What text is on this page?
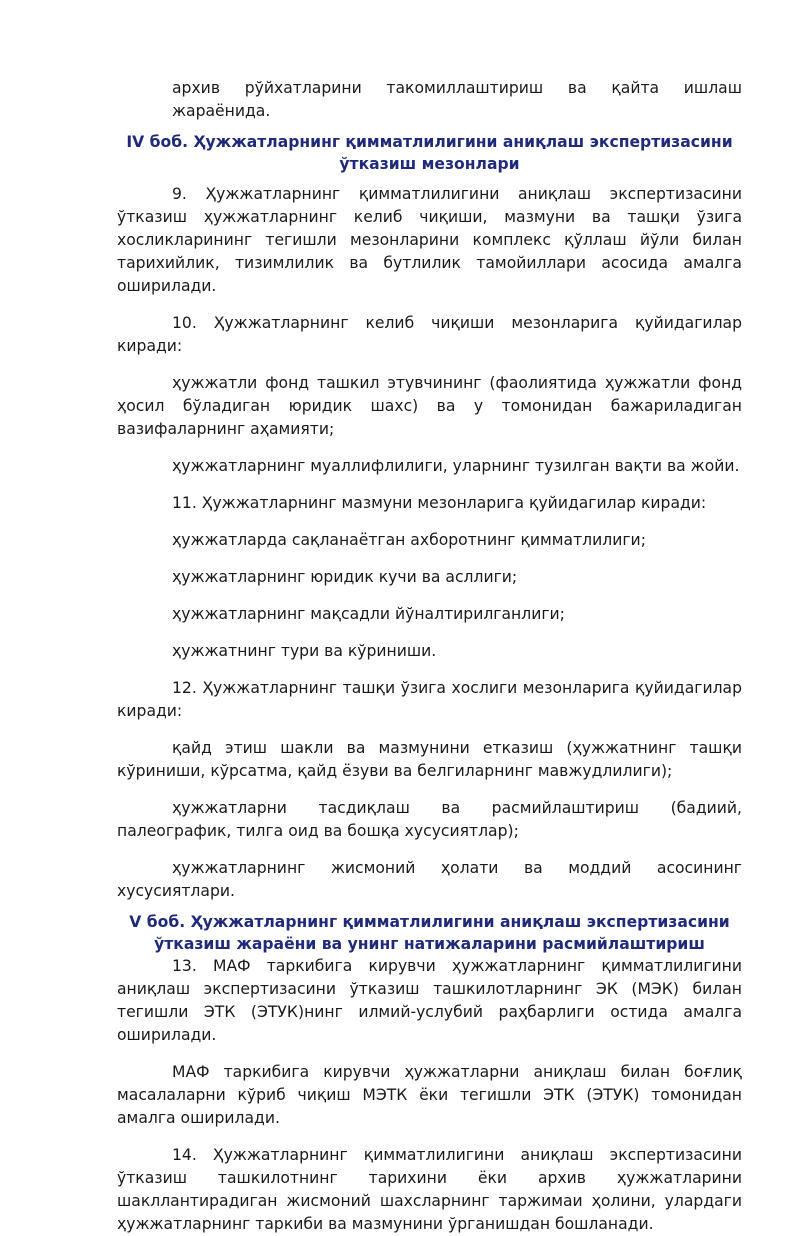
архив рўйхатларини такомиллаштириш ва қайта ишлаш жараёнида.

IV боб. Ҳужжатларнинг қимматлилигини аниқлаш экспертизасини ўтказиш мезонлари

9. Ҳужжатларнинг қимматлилигини аниқлаш экспертизасини ўтказиш ҳужжатларнинг келиб чиқиши, мазмуни ва ташқи ўзига хосликларининг тегишли мезонларини комплекс қўллаш йўли билан тарихийлик, тизимлилик ва бутлилик тамойиллари асосида амалга оширилади.

10. Ҳужжатларнинг келиб чиқиши мезонларига қуйидагилар киради:

ҳужжатли фонд ташкил этувчининг (фаолиятида ҳужжатли фонд ҳосил бўладиган юридик шахс) ва у томонидан бажариладиган вазифаларнинг аҳамияти;

ҳужжатларнинг муаллифлилиги, уларнинг тузилган вақти ва жойи.

11. Ҳужжатларнинг мазмуни мезонларига қуйидагилар киради:

ҳужжатларда сақланаётган ахборотнинг қимматлилиги;

ҳужжатларнинг юридик кучи ва асллиги;

ҳужжатларнинг мақсадли йўналтирилганлиги;

ҳужжатнинг тури ва кўриниши.

12. Ҳужжатларнинг ташқи ўзига хослиги мезонларига қуйидагилар киради:

қайд этиш шакли ва мазмунини етказиш (ҳужжатнинг ташқи кўриниши, кўрсатма, қайд ёзуви ва белгиларнинг мавжудлилиги);

ҳужжатларни тасдиқлаш ва расмийлаштириш (бадиий, палеографик, тилга оид ва бошқа хусусиятлар);

ҳужжатларнинг жисмоний ҳолати ва моддий асосининг хусусиятлари.

V боб. Ҳужжатларнинг қимматлилигини аниқлаш экспертизасини ўтказиш жараёни ва унинг натижаларини расмийлаштириш

13. МАФ таркибига кирувчи ҳужжатларнинг қимматлилигини аниқлаш экспертизасини ўтказиш ташкилотларнинг ЭК (МЭК) билан тегишли ЭТК (ЭТУК)нинг илмий-услубий раҳбарлиги остида амалга оширилади.

МАФ таркибига кирувчи ҳужжатларни аниқлаш билан боғлиқ масалаларни кўриб чиқиш МЭТК ёки тегишли ЭТК (ЭТУК) томонидан амалга оширилади.

14. Ҳужжатларнинг қимматлилигини аниқлаш экспертизасини ўтказиш ташкилотнинг тарихини ёки архив ҳужжатларини шакллантирадиган жисмоний шахсларнинг таржимаи ҳолини, улардаги ҳужжатларнинг таркиби ва мазмунини ўрганишдан бошланади.
